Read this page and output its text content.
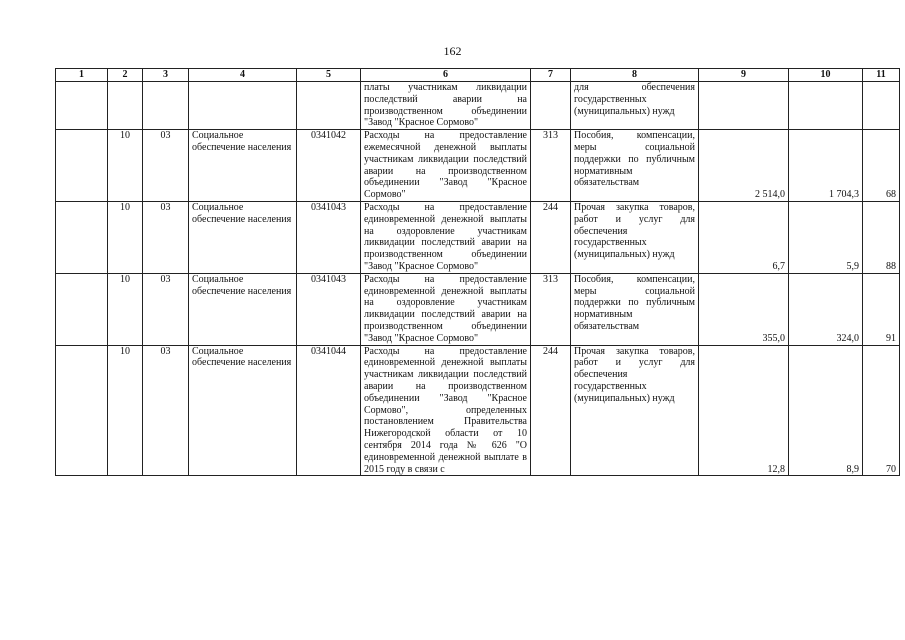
162
1	2	3	4	5	6	7	8	9	10	11
					платы участникам ликвидации последствий аварии на производственном объединении "Завод "Красное Сормово"		для обеспечения государственных (муниципальных) нужд			
	10	03	Социальное обеспечение населения	0341042	Расходы на предоставление ежемесячной денежной выплаты участникам ликвидации последствий аварии на производственном объединении "Завод "Красное Сормово"	313	Пособия, компенсации, меры социальной поддержки по публичным нормативным обязательствам	2 514,0	1 704,3	68
	10	03	Социальное обеспечение населения	0341043	Расходы на предоставление единовременной денежной выплаты на оздоровление участникам ликвидации последствий аварии на производственном объединении "Завод "Красное Сормово"	244	Прочая закупка товаров, работ и услуг для обеспечения государственных (муниципальных) нужд	6,7	5,9	88
	10	03	Социальное обеспечение населения	0341043	Расходы на предоставление единовременной денежной выплаты на оздоровление участникам ликвидации последствий аварии на производственном объединении "Завод "Красное Сормово"	313	Пособия, компенсации, меры социальной поддержки по публичным нормативным обязательствам	355,0	324,0	91
	10	03	Социальное обеспечение населения	0341044	Расходы на предоставление единовременной денежной выплаты участникам ликвидации последствий аварии на производственном объединении "Завод "Красное Сормово", определенных постановлением Правительства Нижегородской области от 10 сентября 2014 года № 626 "О единовременной денежной выплате в 2015 году в связи с	244	Прочая закупка товаров, работ и услуг для обеспечения государственных (муниципальных) нужд	12,8	8,9	70
